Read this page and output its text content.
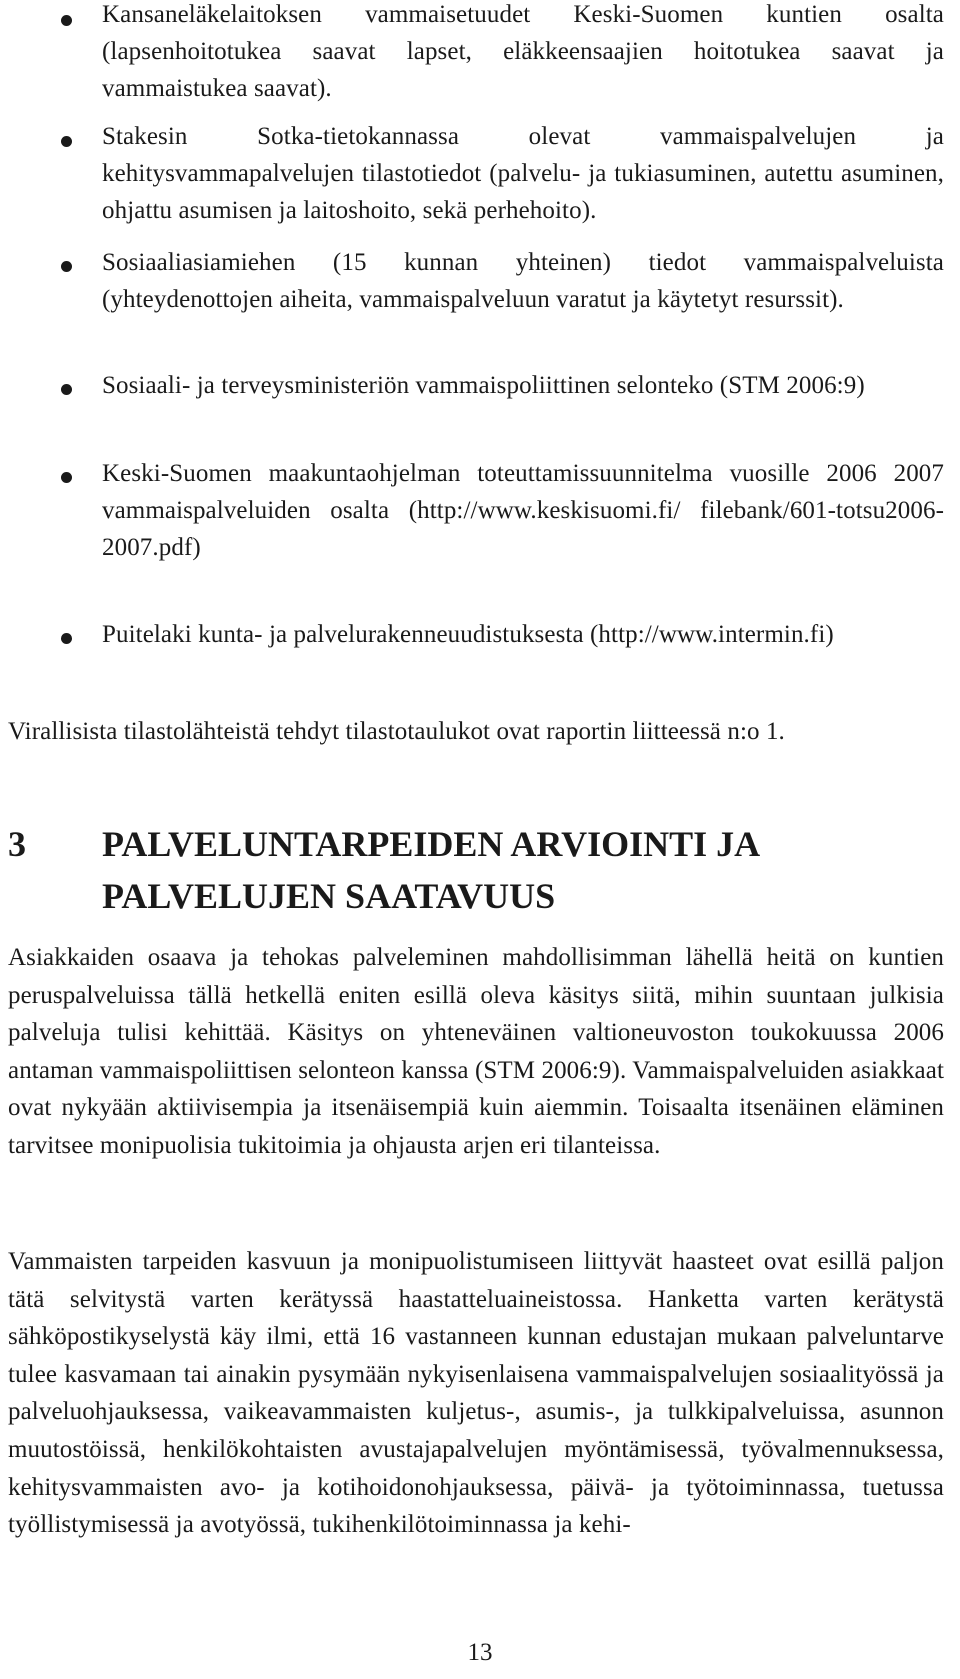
Kansaneläkelaitoksen vammaisetuudet Keski-Suomen kuntien osalta (lapsenhoitotukea saavat lapset, eläkkeensaajien hoitotukea saavat ja vammaistukea saavat).
Stakesin Sotka-tietokannassa olevat vammaispalvelujen ja kehitysvammapalvelujen tilastotiedot (palvelu- ja tukiasuminen, autettu asuminen, ohjattu asumisen ja laitoshoito, sekä perhehoito).
Sosiaaliasiamiehen (15 kunnan yhteinen) tiedot vammaispalveluista (yhteydenottojen aiheita, vammaispalveluun varatut ja käytetyt resurssit).
Sosiaali- ja terveysministeriön vammaispoliittinen selonteko (STM 2006:9)
Keski-Suomen maakuntaohjelman toteuttamissuunnitelma vuosille 2006 2007 vammaispalveluiden osalta (http://www.keskisuomi.fi/ filebank/601-totsu2006-2007.pdf)
Puitelaki kunta- ja palvelurakenneuudistuksesta (http://www.intermin.fi)

Virallisista tilastolähteistä tehdyt tilastotaulukot ovat raportin liitteessä n:o 1.

3 PALVELUNTARPEIDEN ARVIOINTI JA PALVELUJEN SAATAVUUS

Asiakkaiden osaava ja tehokas palveleminen mahdollisimman lähellä heitä on kuntien peruspalveluissa tällä hetkellä eniten esillä oleva käsitys siitä, mihin suuntaan julkisia palveluja tulisi kehittää. Käsitys on yhteneväinen valtioneuvoston toukokuussa 2006 antaman vammaispoliittisen selonteon kanssa (STM 2006:9). Vammaispalveluiden asiakkaat ovat nykyään aktiivisempia ja itsenäisempiä kuin aiemmin. Toisaalta itsenäinen eläminen tarvitsee monipuolisia tukitoimia ja ohjausta arjen eri tilanteissa.

Vammaisten tarpeiden kasvuun ja monipuolistumiseen liittyvät haasteet ovat esillä paljon tätä selvitystä varten kerätyssä haastatteluaineistossa. Hanketta varten kerätystä sähköpostikyselystä käy ilmi, että 16 vastanneen kunnan edustajan mukaan palveluntarve tulee kasvamaan tai ainakin pysymään nykyisenlaisena vammaispalvelujen sosiaalityössä ja palveluohjauksessa, vaikeavammaisten kuljetus-, asumis-, ja tulkkipalveluissa, asunnon muutostöissä, henkilökohtaisten avustajapalvelujen myöntämisessä, työvalmennuksessa, kehitysvammaisten avo- ja kotihoidonohjauksessa, päivä- ja työtoiminnassa, tuetussa työllistymisessä ja avotyössä, tukihenkilötoiminnassa ja kehi-

13
